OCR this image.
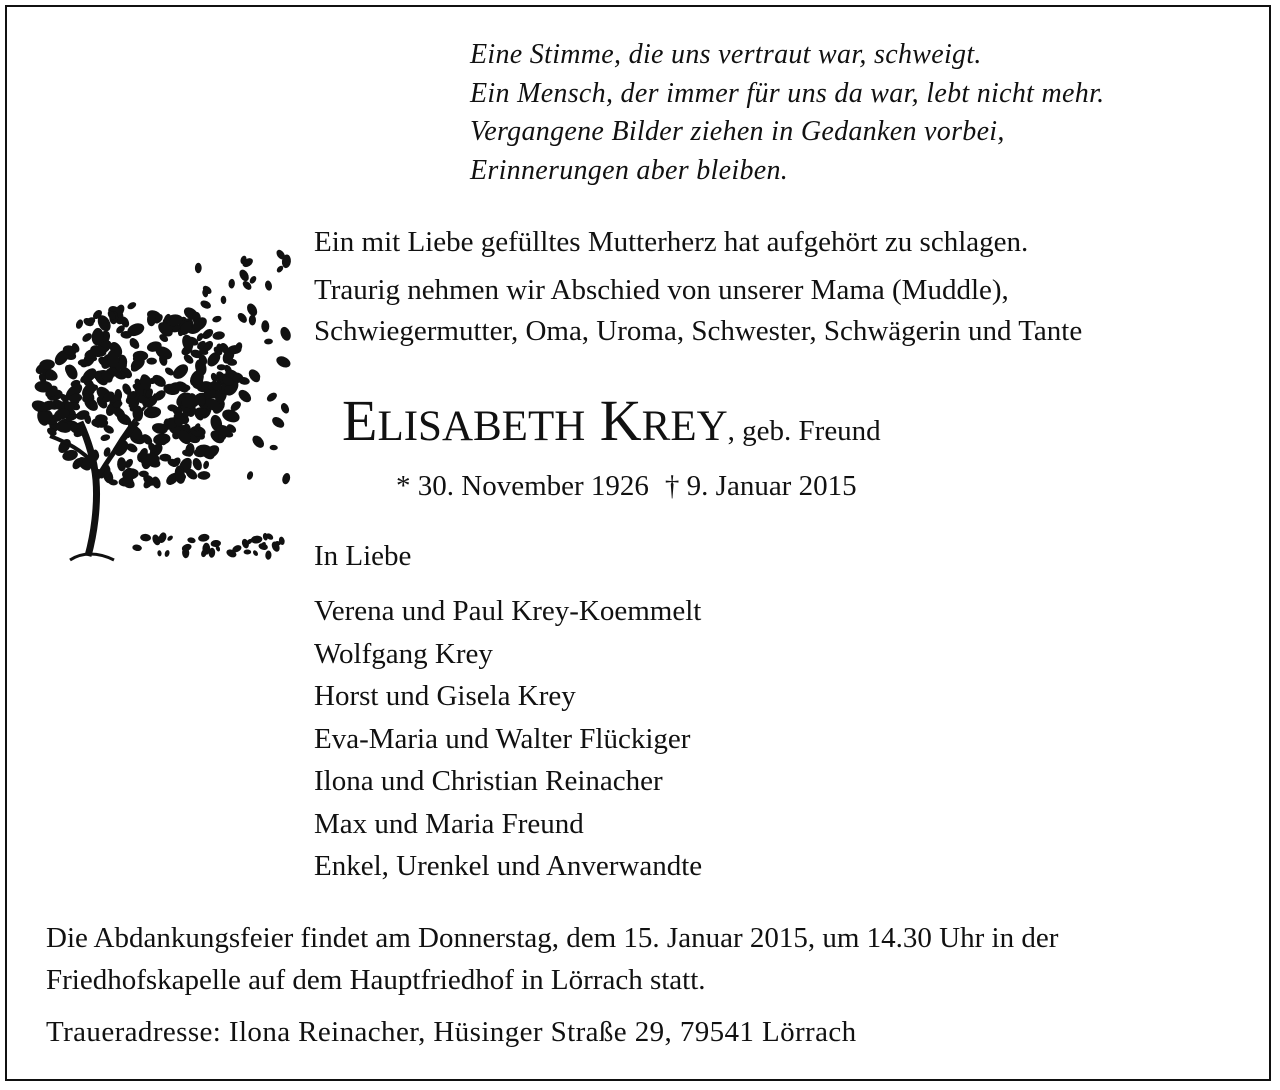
Eine Stimme, die uns vertraut war, schweigt.
Ein Mensch, der immer für uns da war, lebt nicht mehr.
Vergangene Bilder ziehen in Gedanken vorbei,
Erinnerungen aber bleiben.
Ein mit Liebe gefülltes Mutterherz hat aufgehört zu schlagen.
Traurig nehmen wir Abschied von unserer Mama (Muddle),
Schwiegermutter, Oma, Uroma, Schwester, Schwägerin und Tante
ELISABETH KREY, geb. Freund
* 30. November 1926 † 9. Januar 2015
In Liebe
Verena und Paul Krey-Koemmelt
Wolfgang Krey
Horst und Gisela Krey
Eva-Maria und Walter Flückiger
Ilona und Christian Reinacher
Max und Maria Freund
Enkel, Urenkel und Anverwandte
Die Abdankungsfeier findet am Donnerstag, dem 15. Januar 2015, um 14.30 Uhr in der Friedhofskapelle auf dem Hauptfriedhof in Lörrach statt.
Traueradresse: Ilona Reinacher, Hüsinger Straße 29, 79541 Lörrach
